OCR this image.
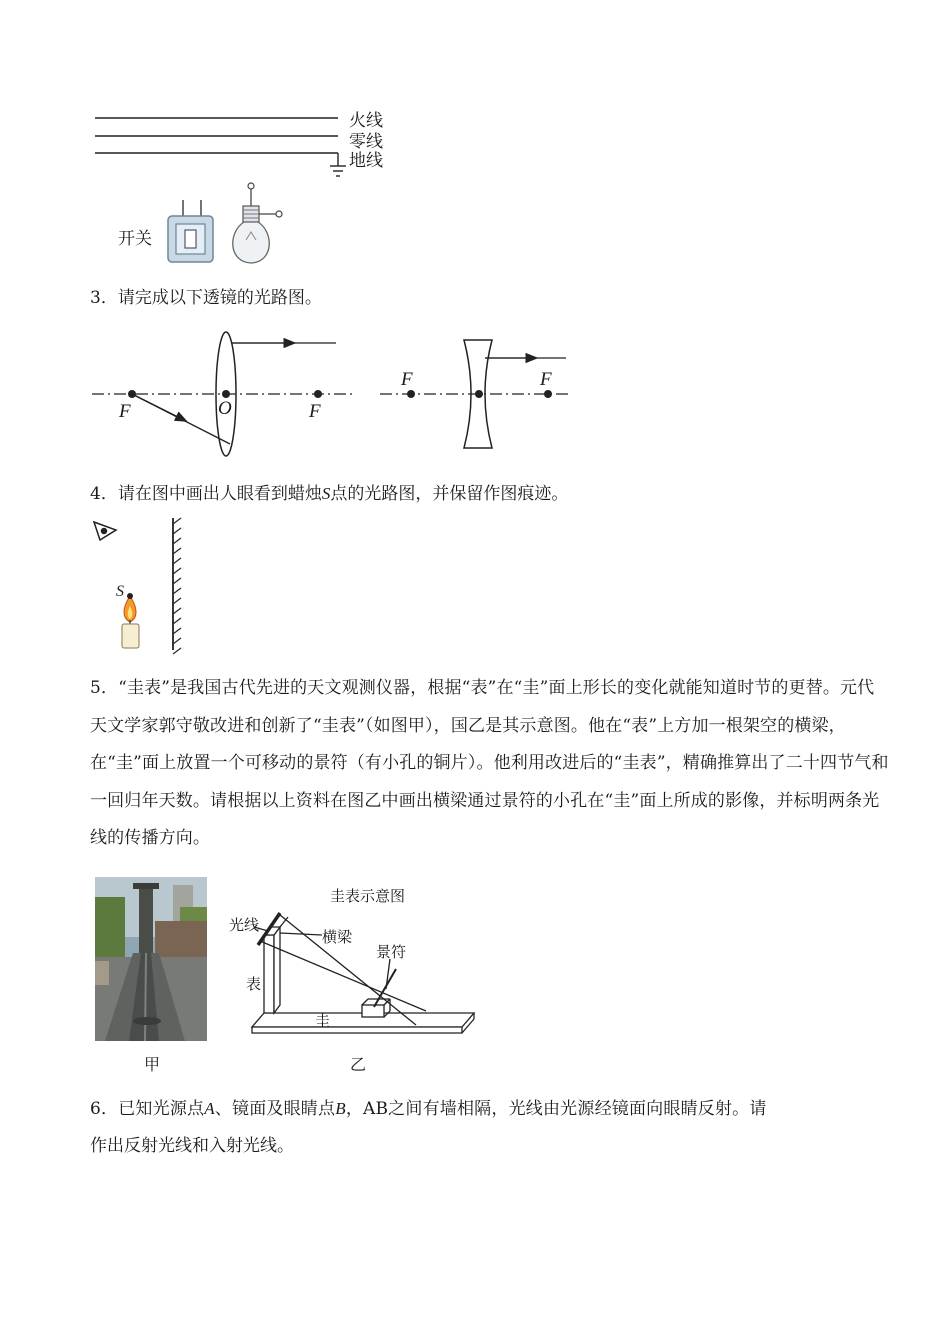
火线
零线
地线
开关
3．请完成以下透镜的光路图。
F	O	F
F	F
4．请在图中画出人眼看到蜡烛S点的光路图，并保留作图痕迹。
S
5．“圭表”是我国古代先进的天文观测仪器，根据“表”在“圭”面上形长的变化就能知道时节的更替。元代天文学家郭守敬改进和创新了“圭表”（如图甲），国乙是其示意图。他在“表”上方加一根架空的横梁，在“圭”面上放置一个可移动的景符（有小孔的铜片）。他利用改进后的“圭表”，精确推算出了二十四节气和一回归年天数。请根据以上资料在图乙中画出横梁通过景符的小孔在“圭”面上所成的影像，并标明两条光线的传播方向。
甲
圭表示意图
光线
横梁
景符
表
圭
乙
6．已知光源点A、镜面及眼睛点B，AB之间有墙相隔，光线由光源经镜面向眼睛反射。请
作出反射光线和入射光线。
